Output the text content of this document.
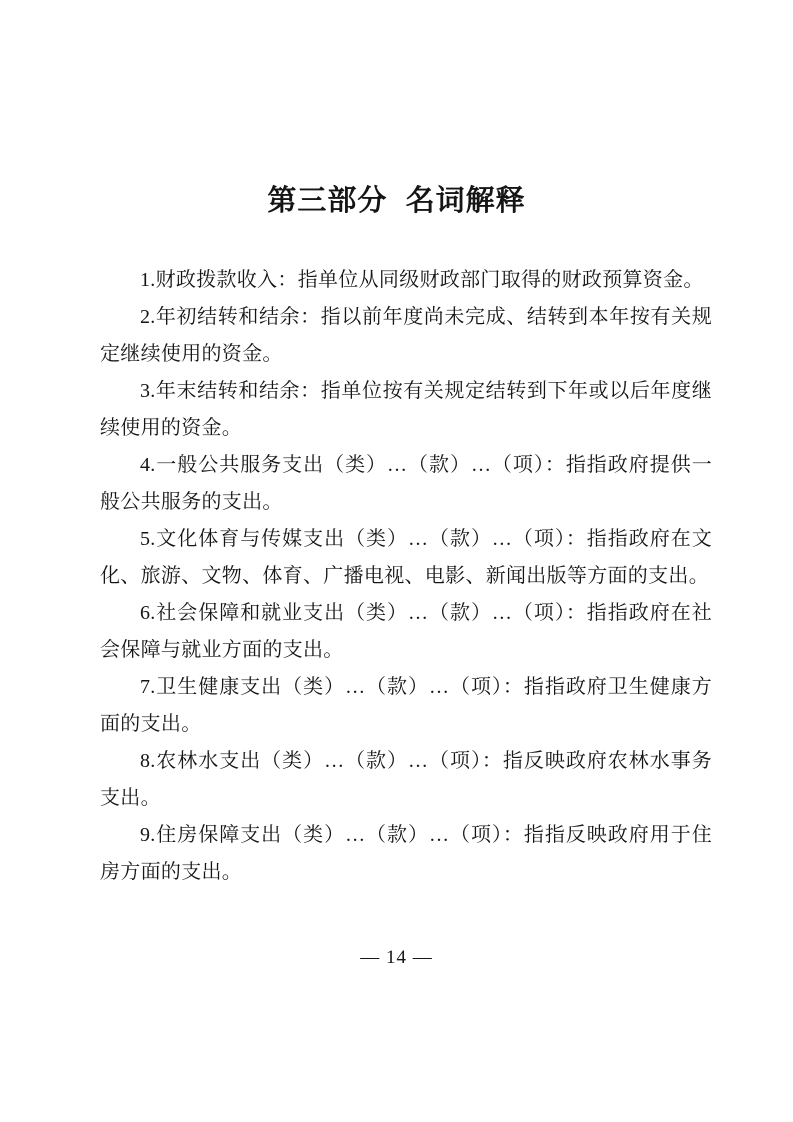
第三部分 名词解释

1.财政拨款收入：指单位从同级财政部门取得的财政预算资金。

2.年初结转和结余：指以前年度尚未完成、结转到本年按有关规定继续使用的资金。

3.年末结转和结余：指单位按有关规定结转到下年或以后年度继续使用的资金。

4.一般公共服务支出（类）…（款）…（项）：指指政府提供一般公共服务的支出。

5.文化体育与传媒支出（类）…（款）…（项）：指指政府在文化、旅游、文物、体育、广播电视、电影、新闻出版等方面的支出。

6.社会保障和就业支出（类）…（款）…（项）：指指政府在社会保障与就业方面的支出。

7.卫生健康支出（类）…（款）…（项）：指指政府卫生健康方面的支出。

8.农林水支出（类）…（款）…（项）：指反映政府农林水事务支出。

9.住房保障支出（类）…（款）…（项）：指指反映政府用于住房方面的支出。

— 14 —
